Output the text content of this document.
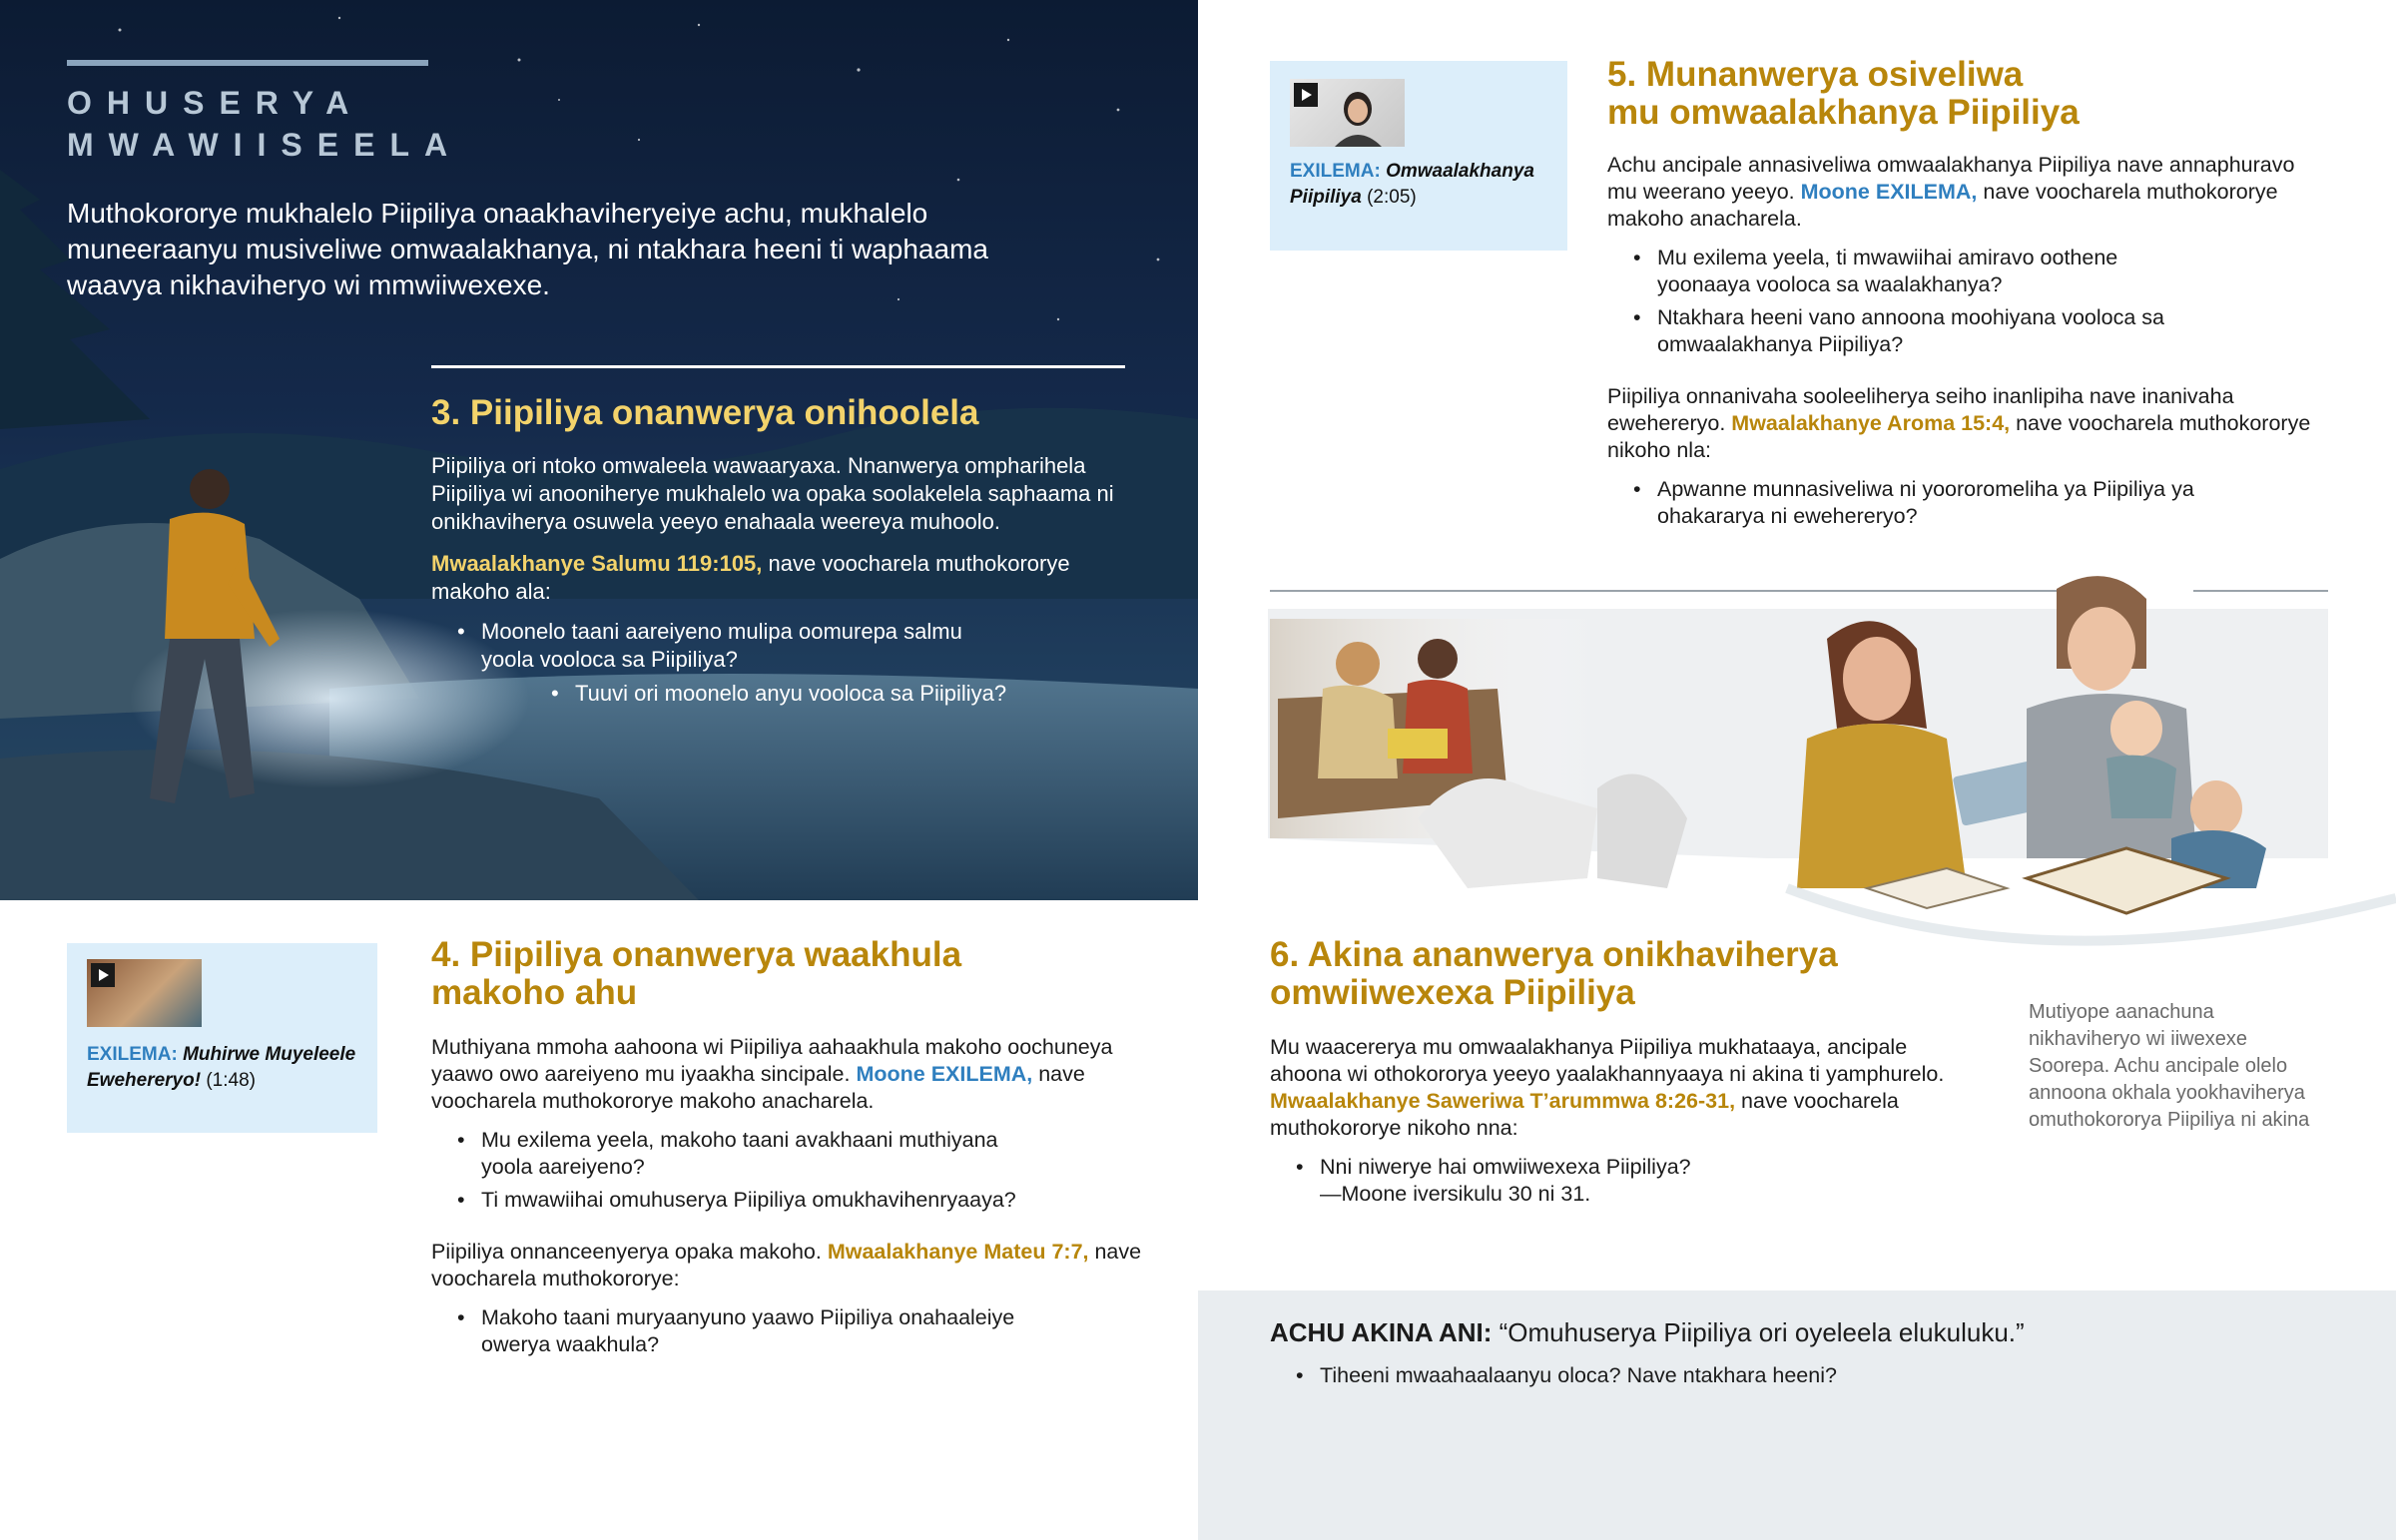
OHUSERYA
MWAWIISEELA
Muthokororye mukhalelo Piipiliya onaakhaviheryeiye achu, mukhalelo muneeraanyu musiveliwe omwaalakhanya, ni ntakhara heeni ti waphaama waavya nikhaviheryo wi mmwiiwexexe.
3. Piipiliya onanwerya onihoolela
Piipiliya ori ntoko omwaleela wawaaryaxa. Nnanwerya ompharihela Piipiliya wi anooniherye mukhalelo wa opaka soolakelela saphaama ni onikhaviherya osuwela yeeyo enahaala weereya muhoolo.
Mwaalakhanye Salumu 119:105, nave voocharela muthokororye makoho ala:
• Moonelo taani aareiyeno mulipa oomurepa salmu yoola vooloca sa Piipiliya?
• Tuuvi ori moonelo anyu vooloca sa Piipiliya?
EXILEMA: Muhirwe Muyeleele Ewehereryo! (1:48)
4. Piipiliya onanwerya waakhula
makoho ahu
Muthiyana mmoha aahoona wi Piipiliya aahaakhula makoho oochuneya yaawo owo aareiyeno mu iyaakha sincipale. Moone EXILEMA, nave voocharela muthokororye makoho anacharela.
• Mu exilema yeela, makoho taani avakhaani muthiyana yoola aareiyeno?
• Ti mwawiihai omuhuserya Piipiliya omukhavihenryaaya?
Piipiliya onnanceenyerya opaka makoho. Mwaalakhanye Mateu 7:7, nave voocharela muthokororye:
• Makoho taani muryaanyuno yaawo Piipiliya onahaaleiye owerya waakhula?
EXILEMA: Omwaalakhanya Piipiliya (2:05)
5. Munanwerya osiveliwa
mu omwaalakhanya Piipiliya
Achu ancipale annasiveliwa omwaalakhanya Piipiliya nave annaphuravo mu weerano yeeyo. Moone EXILEMA, nave voocharela muthokororye makoho anacharela.
• Mu exilema yeela, ti mwawiihai amiravo oothene yoonaaya vooloca sa waalakhanya?
• Ntakhara heeni vano annoona moohiyana vooloca sa omwaalakhanya Piipiliya?
Piipiliya onnanivaha sooleeliherya seiho inanlipiha nave inanivaha ewehereryo. Mwaalakhanye Aroma 15:4, nave voocharela muthokororye nikoho nla:
• Apwanne munnasiveliwa ni yoororomeliha ya Piipiliya ya ohakararya ni ewehereryo?
Mutiyope aanachuna nikhaviheryo wi iiwexexe Soorepa. Achu ancipale olelo annoona okhala yookhaviherya omuthokororya Piipiliya ni akina
6. Akina ananwerya onikhaviherya
omwiiwexexa Piipiliya
Mu waacererya mu omwaalakhanya Piipiliya mukhataaya, ancipale ahoona wi othokororya yeeyo yaalakhannyaaya ni akina ti yamphurelo. Mwaalakhanye Saweriwa T’arummwa 8:26-31, nave voocharela muthokororye nikoho nna:
• Nni niwerye hai omwiiwexexa Piipiliya?
—Moone iversikulu 30 ni 31.
ACHU AKINA ANI: “Omuhuserya Piipiliya ori oyeleela elukuluku.”
• Tiheeni mwaahaalaanyu oloca? Nave ntakhara heeni?
